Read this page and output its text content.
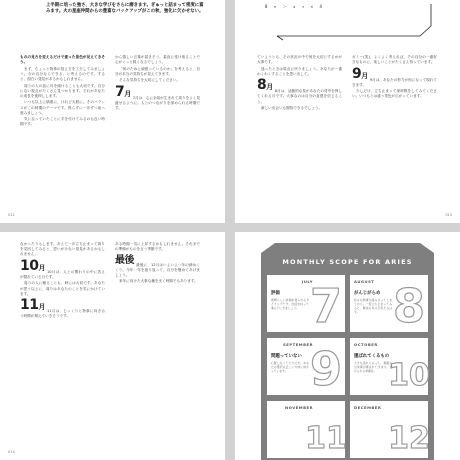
上半期に培った強さ、大きな学びをさらに磨きます。ぎゅっと詰まって密度に富みます。火の星座仲間からの豊富なバックアップがこの秋、強化に欠かせない。

ものの見方を変えるだけで違った景色が見えてきそう。

まず、ちょっと物事の捉え方を工夫してみましょう。今の自分ならできる、と考えるのです。すると、面白い発見があるかもしれません。

周りの人の話に耳を傾けることも大切です。自分にない視点がたくさん見つかります。それがあなたの成長を後押しします。

いつも以上に慎重に、けれど大胆に。そのバランスがこの時期のテーマです。焦らずに一歩ずつ前へ進みましょう。

気になっていたことに手を付けてみるのも良い時期です。

から嬉しい言葉が届きそう。素直に受け取ることで心がぐっと軽くなるでしょう。

「何のために頑張っているのか」を考えると、自分の本当の気持ちが見えてきます。

そんな気持ちを大切にしてください。

7月 7月は、心に余裕が生まれて周りをよく見渡せるように。人とのつながりを深められる時期です。

012
8 ✕ ＞ ★ ✦ ✕ 4

ていようとも、その状況の中で何を大切にするかが大事です。

迷ったときは原点に戻りましょう。あなたが一番わくわくすることを思い出して。

8月 8月は、活動的な星があなたの背中を押してくれる月です。大事なのは自分の直感を信じること。

新しい出会いも期待できるでしょう。

ガミー(笑)、よくよく考えれば、その自分の一番好きなものに、楽しいことがたくさん待っています。

9月 9月は、あなたの努力が形になって現れてきます。

少しだけ、立ち止まって深呼吸をしてみてください。いつもとは違う景色が広がっています。

013

なかったりもします。あえて一歩立ち止まって周りを見回してみると、思いがけない発見があるかもしれません。

10月 10月は、人との関わりの中に答えが隠れている月です。

周りの人に頼ることも、時には大切です。あなたが思う以上に、周りはあなたのことを気にかけています。

11月 11月は、じっくりと物事に向き合う時間が増えていきそうです。

ある時期一気に上昇するかもしれません。それまでの準備がものを言う季節です。

最後 最後に、12月はいよいよ一年の締めくくり。今年一年を振り返って、自分を褒めてあげましょう。

来年に向けた大事な種をまく時期でもあります。

014
MONTHLY SCOPE FOR ARIES
JULY
7
評価
素晴らしい評価を得られるタイミングです。自信を持って進んでいきましょう。
AUGUST 8
がんじがらめ
色々な物事が絡み合ってしまうかも。一度立ち止まってみると、解決の糸口が見えるはず。
SEPTEMBER
9
問題っていない
心配しなくても大丈夫。あなたの選択は正しい方向に向かっています。
OCTOBER
10
運ばれてくるもの
大きな流れにのって、素敵な出来事が運ばれてきます。受け入れる準備を。
NOVEMBER
11
DECEMBER
12
